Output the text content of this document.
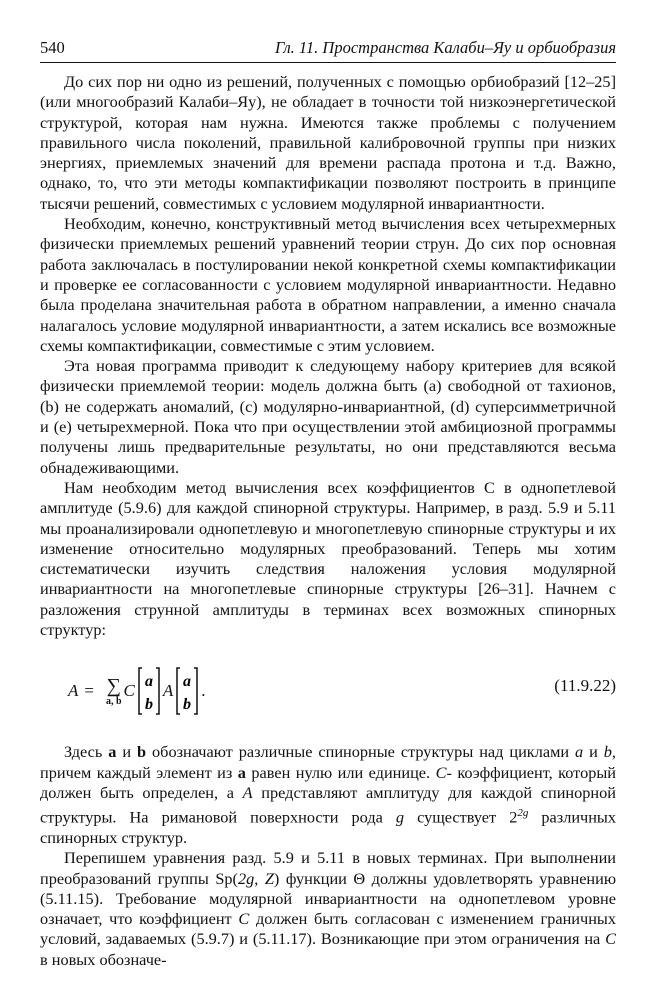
540	Гл. 11. Пространства Калаби–Яу и орбиобразия

До сих пор ни одно из решений, полученных с помощью орбиобразий [12–25] (или многообразий Калаби–Яу), не обладает в точности той низкоэнергетической структурой, которая нам нужна. Имеются также проблемы с получением правильного числа поколений, правильной калибровочной группы при низких энергиях, приемлемых значений для времени распада протона и т.д. Важно, однако, то, что эти методы компактификации позволяют построить в принципе тысячи решений, совместимых с условием модулярной инвариантности.

Необходим, конечно, конструктивный метод вычисления всех четырехмерных физически приемлемых решений уравнений теории струн. До сих пор основная работа заключалась в постулировании некой конкретной схемы компактификации и проверке ее согласованности с условием модулярной инвариантности. Недавно была проделана значительная работа в обратном направлении, а именно сначала налагалось условие модулярной инвариантности, а затем искались все возможные схемы компактификации, совместимые с этим условием.

Эта новая программа приводит к следующему набору критериев для всякой физически приемлемой теории: модель должна быть (a) свободной от тахионов, (b) не содержать аномалий, (c) модулярно-инвариантной, (d) суперсимметричной и (e) четырехмерной. Пока что при осуществлении этой амбициозной программы получены лишь предварительные результаты, но они представляются весьма обнадеживающими.

Нам необходим метод вычисления всех коэффициентов C в однопетлевой амплитуде (5.9.6) для каждой спинорной структуры. Например, в разд. 5.9 и 5.11 мы проанализировали однопетлевую и многопетлевую спинорные структуры и их изменение относительно модулярных преобразований. Теперь мы хотим систематически изучить следствия наложения условия модулярной инвариантности на многопетлевые спинорные структуры [26–31]. Начнем с разложения струнной амплитуды в терминах всех возможных спинорных структур:

A = ∑
a, b
C a
b
A a
b
.	(11.9.22)

Здесь a и b обозначают различные спинорные структуры над циклами a и b, причем каждый элемент из a равен нулю или единице. C- коэффициент, который должен быть определен, а A представляют амплитуду для каждой спинорной структуры. На римановой поверхности рода g существует $2^{2g}$ различных спинорных структур.

Перепишем уравнения разд. 5.9 и 5.11 в новых терминах. При выполнении преобразований группы Sp(2g, Z) функции Θ должны удовлетворять уравнению (5.11.15). Требование модулярной инвариантности на однопетлевом уровне означает, что коэффициент C должен быть согласован с изменением граничных условий, задаваемых (5.9.7) и (5.11.17). Возникающие при этом ограничения на C в новых обозначе-
